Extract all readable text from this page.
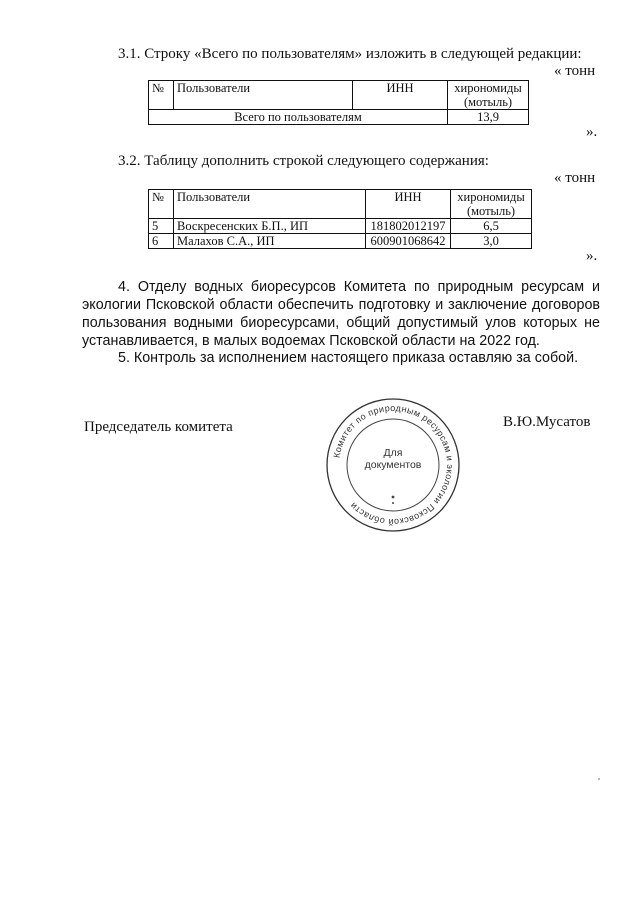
3.1. Строку «Всего по пользователям» изложить в следующей редакции:
« тонн
№	Пользователи	ИНН	хирономиды
(мотыль)
Всего по пользователям			13,9
».
3.2. Таблицу дополнить строкой следующего содержания:
« тонн
№	Пользователи	ИНН	хирономиды
(мотыль)
5	Воскресенских Б.П., ИП	181802012197	6,5
6	Малахов С.А., ИП	600901068642	3,0
».
4. Отделу водных биоресурсов Комитета по природным ресурсам и экологии Псковской области обеспечить подготовку и заключение договоров пользования водными биоресурсами, общий допустимый улов которых не устанавливается, в малых водоемах Псковской области на 2022 год.
5. Контроль за исполнением настоящего приказа оставляю за собой.
Председатель комитета	В.Ю.Мусатов
Комитет по природным ресурсам и экологии Псковской области
Для
документов
